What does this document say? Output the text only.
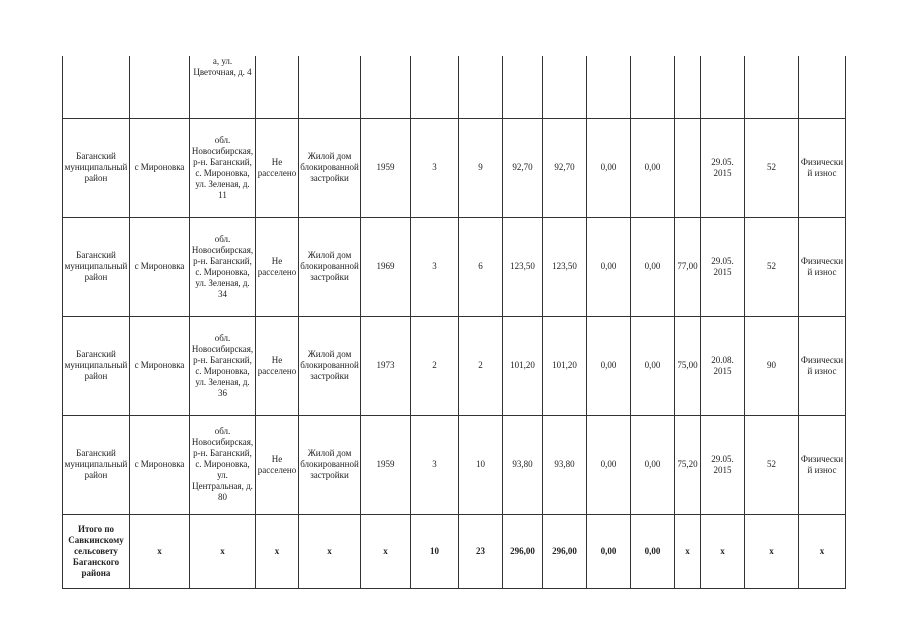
		а, ул. Цветочная, д. 4													
Баганский муниципальный район	с Мироновка	обл. Новосибирская, р-н. Баганский, с. Мироновка, ул. Зеленая, д. 11	Не расселено	Жилой дом блокированной застройки	1959	3	9	92,70	92,70	0,00	0,00		29.05. 2015	52	Физический износ
Баганский муниципальный район	с Мироновка	обл. Новосибирская, р-н. Баганский, с. Мироновка, ул. Зеленая, д. 34	Не расселено	Жилой дом блокированной застройки	1969	3	6	123,50	123,50	0,00	0,00	77,00	29.05. 2015	52	Физический износ
Баганский муниципальный район	с Мироновка	обл. Новосибирская, р-н. Баганский, с. Мироновка, ул. Зеленая, д. 36	Не расселено	Жилой дом блокированной застройки	1973	2	2	101,20	101,20	0,00	0,00	75,00	20.08. 2015	90	Физический износ
Баганский муниципальный район	с Мироновка	обл. Новосибирская, р-н. Баганский, с. Мироновка, ул. Центральная, д. 80	Не расселено	Жилой дом блокированной застройки	1959	3	10	93,80	93,80	0,00	0,00	75,20	29.05. 2015	52	Физический износ
Итого по Савкинскому сельсовету Баганского района	x	x	x	x	x	10	23	296,00	296,00	0,00	0,00	x	x	x	x
